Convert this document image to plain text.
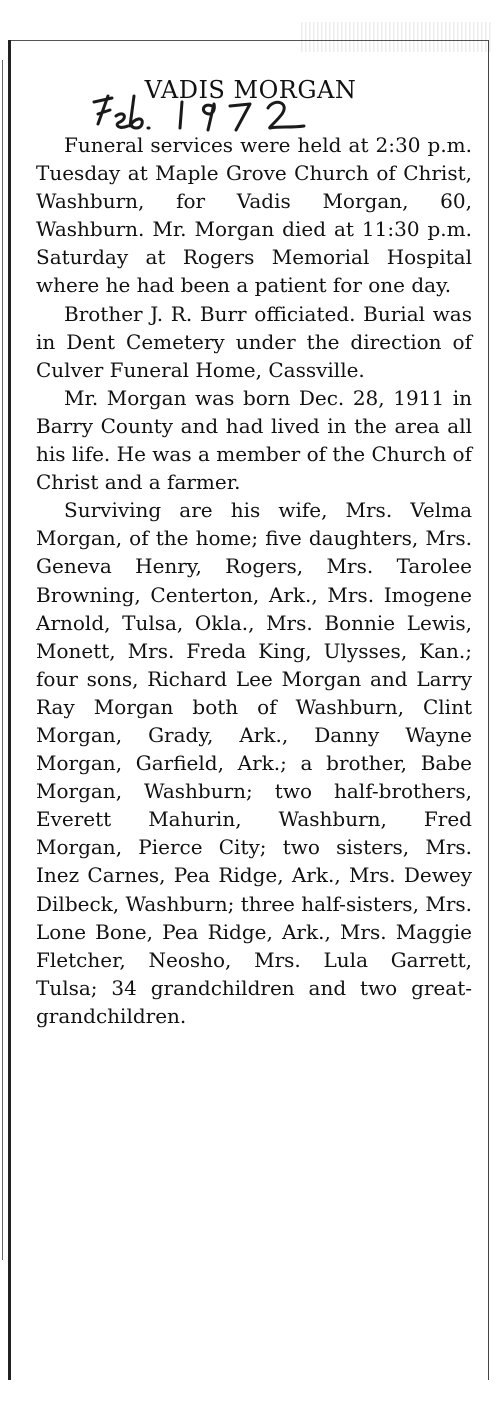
VADIS MORGAN

Funeral services were held at 2:30 p.m. Tuesday at Maple Grove Church of Christ, Washburn, for Vadis Morgan, 60, Washburn. Mr. Morgan died at 11:30 p.m. Saturday at Rogers Memorial Hospital where he had been a patient for one day.

Brother J. R. Burr officiated. Burial was in Dent Cemetery under the direction of Culver Funeral Home, Cassville.

Mr. Morgan was born Dec. 28, 1911 in Barry County and had lived in the area all his life. He was a member of the Church of Christ and a farmer.

Surviving are his wife, Mrs. Velma Morgan, of the home; five daughters, Mrs. Geneva Henry, Rogers, Mrs. Tarolee Browning, Centerton, Ark., Mrs. Imogene Arnold, Tulsa, Okla., Mrs. Bonnie Lewis, Monett, Mrs. Freda King, Ulysses, Kan.; four sons, Richard Lee Morgan and Larry Ray Morgan both of Washburn, Clint Morgan, Grady, Ark., Danny Wayne Morgan, Garfield, Ark.; a brother, Babe Morgan, Washburn; two half-brothers, Everett Mahurin, Washburn, Fred Morgan, Pierce City; two sisters, Mrs. Inez Carnes, Pea Ridge, Ark., Mrs. Dewey Dilbeck, Washburn; three half-sisters, Mrs. Lone Bone, Pea Ridge, Ark., Mrs. Maggie Fletcher, Neosho, Mrs. Lula Garrett, Tulsa; 34 grandchildren and two great-grandchildren.
